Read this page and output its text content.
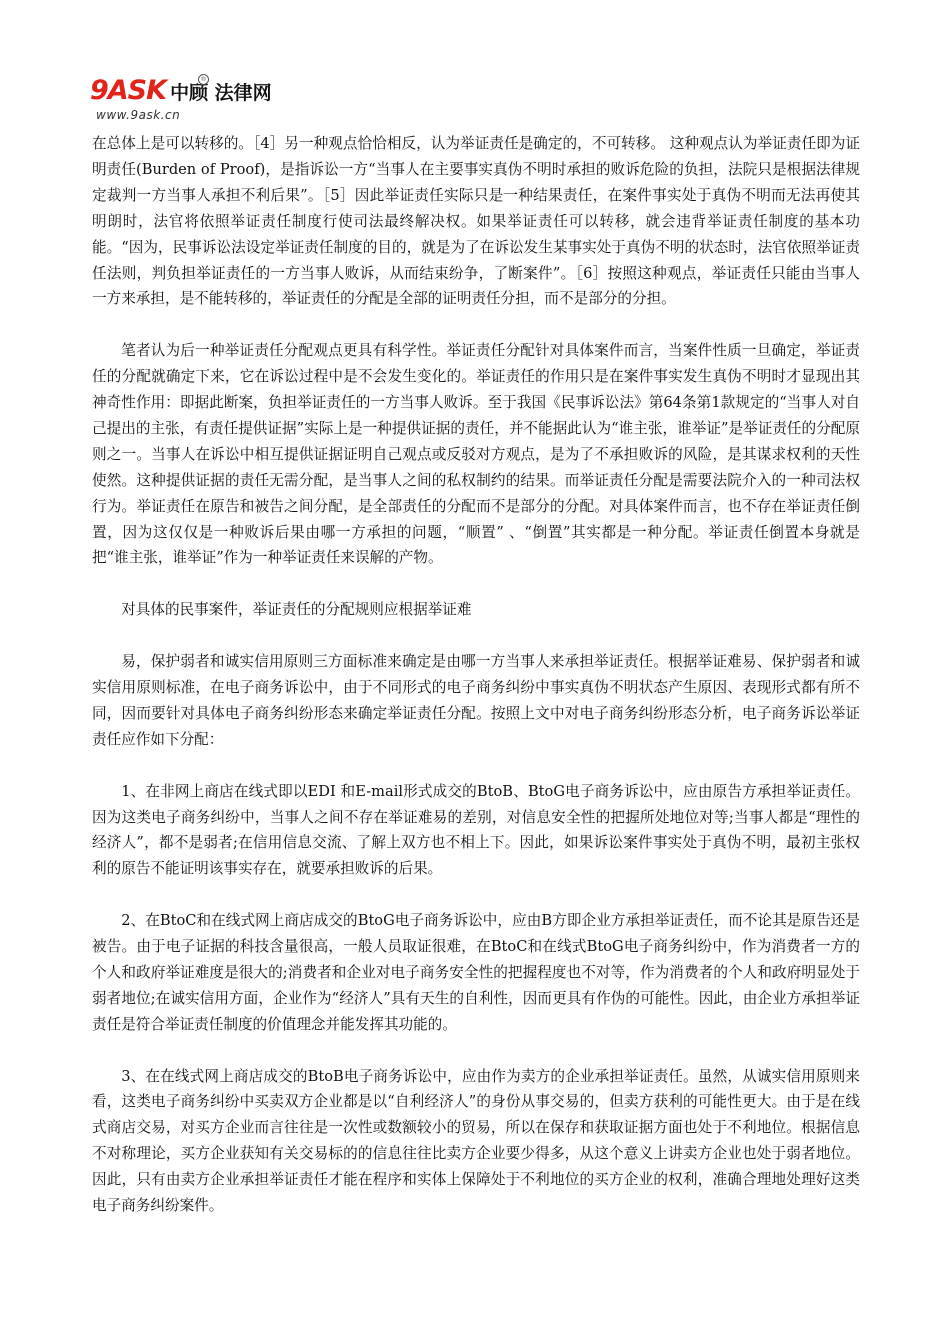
9ASK 中顾 法律网
®
www.9ask.cn

在总体上是可以转移的。［4］另一种观点恰恰相反，认为举证责任是确定的，不可转移。 这种观点认为举证责任即为证明责任(Burden of Proof)，是指诉讼一方“当事人在主要事实真伪不明时承担的败诉危险的负担，法院只是根据法律规定裁判一方当事人承担不利后果”。［5］因此举证责任实际只是一种结果责任，在案件事实处于真伪不明而无法再使其明朗时，法官将依照举证责任制度行使司法最终解决权。如果举证责任可以转移，就会违背举证责任制度的基本功能。“因为，民事诉讼法设定举证责任制度的目的，就是为了在诉讼发生某事实处于真伪不明的状态时，法官依照举证责任法则，判负担举证责任的一方当事人败诉，从而结束纷争，了断案件”。［6］按照这种观点，举证责任只能由当事人一方来承担，是不能转移的，举证责任的分配是全部的证明责任分担，而不是部分的分担。

笔者认为后一种举证责任分配观点更具有科学性。举证责任分配针对具体案件而言，当案件性质一旦确定，举证责任的分配就确定下来，它在诉讼过程中是不会发生变化的。举证责任的作用只是在案件事实发生真伪不明时才显现出其神奇性作用：即据此断案，负担举证责任的一方当事人败诉。至于我国《民事诉讼法》第64条第1款规定的“当事人对自己提出的主张，有责任提供证据”实际上是一种提供证据的责任，并不能据此认为“谁主张，谁举证”是举证责任的分配原则之一。当事人在诉讼中相互提供证据证明自己观点或反驳对方观点，是为了不承担败诉的风险，是其谋求权利的天性使然。这种提供证据的责任无需分配，是当事人之间的私权制约的结果。而举证责任分配是需要法院介入的一种司法权行为。举证责任在原告和被告之间分配，是全部责任的分配而不是部分的分配。对具体案件而言，也不存在举证责任倒置，因为这仅仅是一种败诉后果由哪一方承担的问题，“顺置” 、“倒置”其实都是一种分配。举证责任倒置本身就是把“谁主张，谁举证”作为一种举证责任来误解的产物。

对具体的民事案件，举证责任的分配规则应根据举证难

易，保护弱者和诚实信用原则三方面标准来确定是由哪一方当事人来承担举证责任。根据举证难易、保护弱者和诚实信用原则标准，在电子商务诉讼中，由于不同形式的电子商务纠纷中事实真伪不明状态产生原因、表现形式都有所不同，因而要针对具体电子商务纠纷形态来确定举证责任分配。按照上文中对电子商务纠纷形态分析，电子商务诉讼举证责任应作如下分配：

1、在非网上商店在线式即以EDI 和E-mail形式成交的BtoB、BtoG电子商务诉讼中，应由原告方承担举证责任。因为这类电子商务纠纷中，当事人之间不存在举证难易的差别，对信息安全性的把握所处地位对等;当事人都是“理性的经济人”，都不是弱者;在信用信息交流、了解上双方也不相上下。因此，如果诉讼案件事实处于真伪不明，最初主张权利的原告不能证明该事实存在，就要承担败诉的后果。

2、在BtoC和在线式网上商店成交的BtoG电子商务诉讼中，应由B方即企业方承担举证责任，而不论其是原告还是被告。由于电子证据的科技含量很高，一般人员取证很难，在BtoC和在线式BtoG电子商务纠纷中，作为消费者一方的个人和政府举证难度是很大的;消费者和企业对电子商务安全性的把握程度也不对等，作为消费者的个人和政府明显处于弱者地位;在诚实信用方面，企业作为“经济人”具有天生的自利性，因而更具有作伪的可能性。因此，由企业方承担举证责任是符合举证责任制度的价值理念并能发挥其功能的。

3、在在线式网上商店成交的BtoB电子商务诉讼中，应由作为卖方的企业承担举证责任。虽然，从诚实信用原则来看，这类电子商务纠纷中买卖双方企业都是以“自利经济人”的身份从事交易的，但卖方获利的可能性更大。由于是在线式商店交易，对买方企业而言往往是一次性或数额较小的贸易，所以在保存和获取证据方面也处于不利地位。根据信息不对称理论，买方企业获知有关交易标的的信息往往比卖方企业要少得多，从这个意义上讲卖方企业也处于弱者地位。因此，只有由卖方企业承担举证责任才能在程序和实体上保障处于不利地位的买方企业的权利，准确合理地处理好这类电子商务纠纷案件。
